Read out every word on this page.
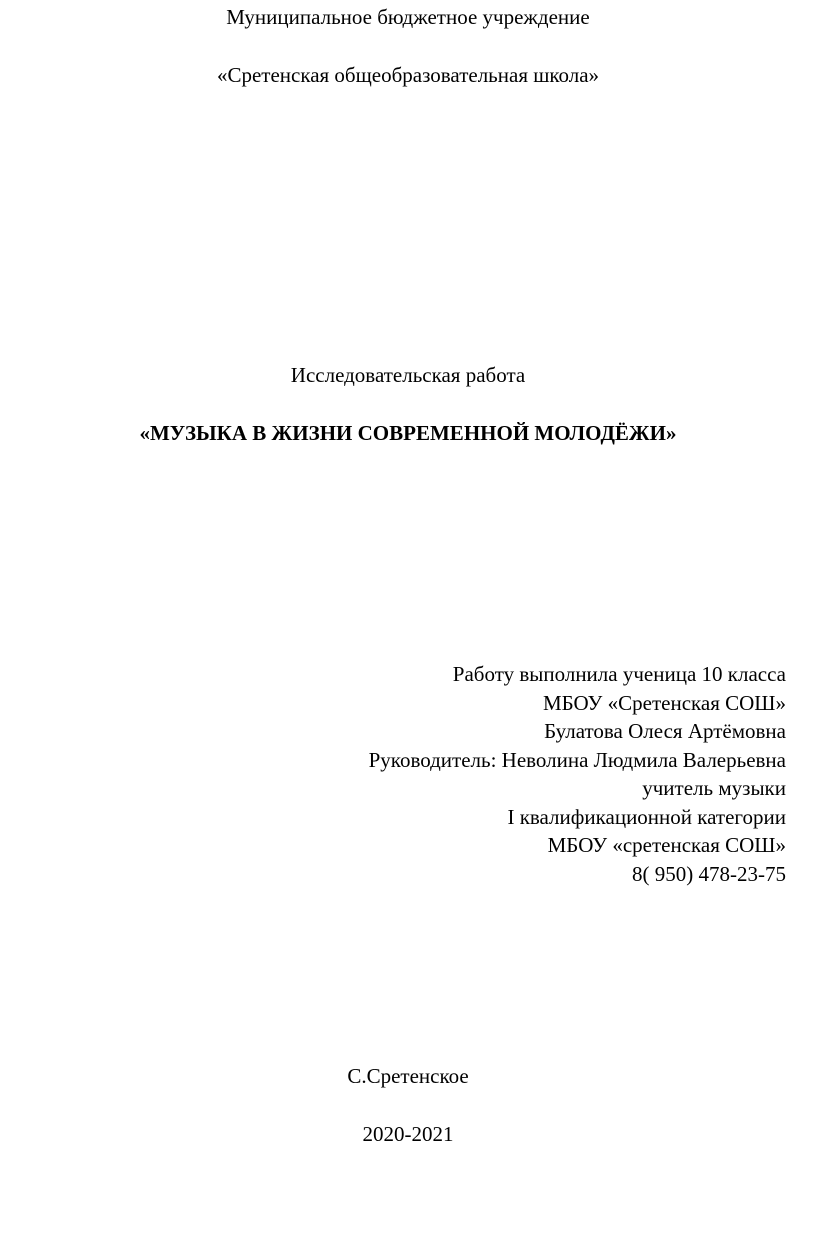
Муниципальное бюджетное учреждение
«Сретенская общеобразовательная школа»
Исследовательская работа
«МУЗЫКА В ЖИЗНИ СОВРЕМЕННОЙ МОЛОДЁЖИ»
Работу выполнила ученица 10 класса
МБОУ «Сретенская СОШ»
Булатова Олеся Артёмовна
Руководитель: Неволина Людмила Валерьевна
учитель музыки
I квалификационной категории
МБОУ «сретенская СОШ»
8( 950) 478-23-75
С.Сретенское
2020-2021
